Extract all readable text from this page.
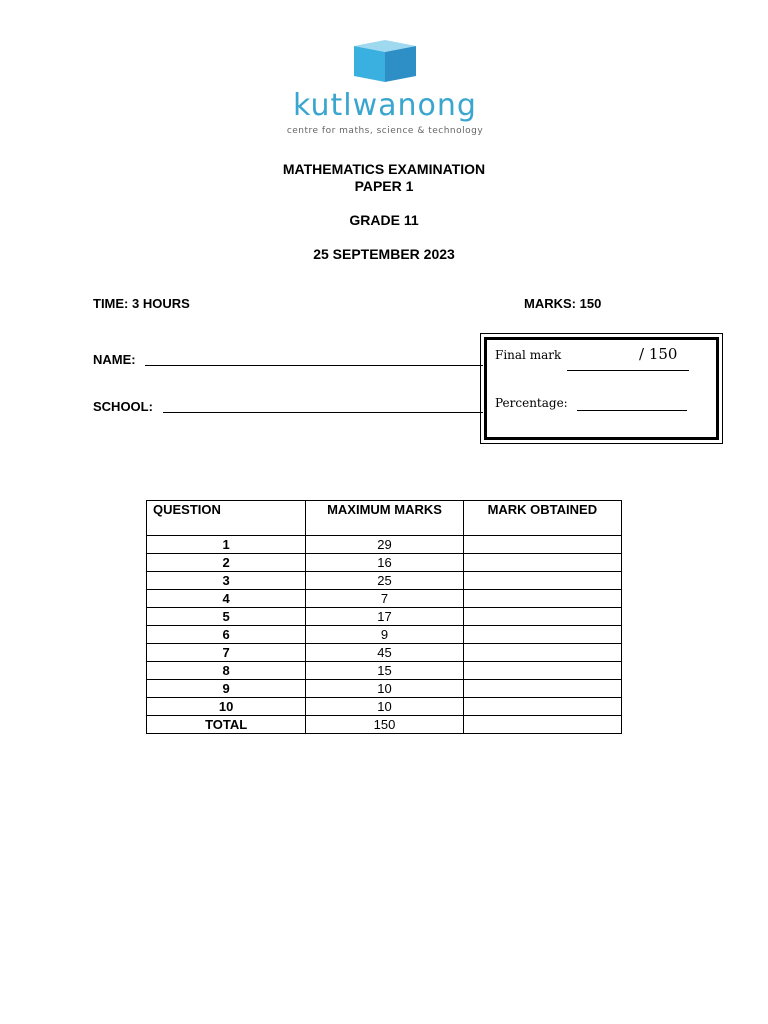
kutlwanong
centre for maths, science & technology
MATHEMATICS EXAMINATION
PAPER 1
GRADE 11
25 SEPTEMBER 2023
TIME: 3 HOURS	MARKS: 150
NAME:
SCHOOL:
Final mark	/ 150
Percentage:
QUESTION	MAXIMUM MARKS	MARK OBTAINED
1	29	
2	16	
3	25	
4	7	
5	17	
6	9	
7	45	
8	15	
9	10	
10	10	
TOTAL	150	
